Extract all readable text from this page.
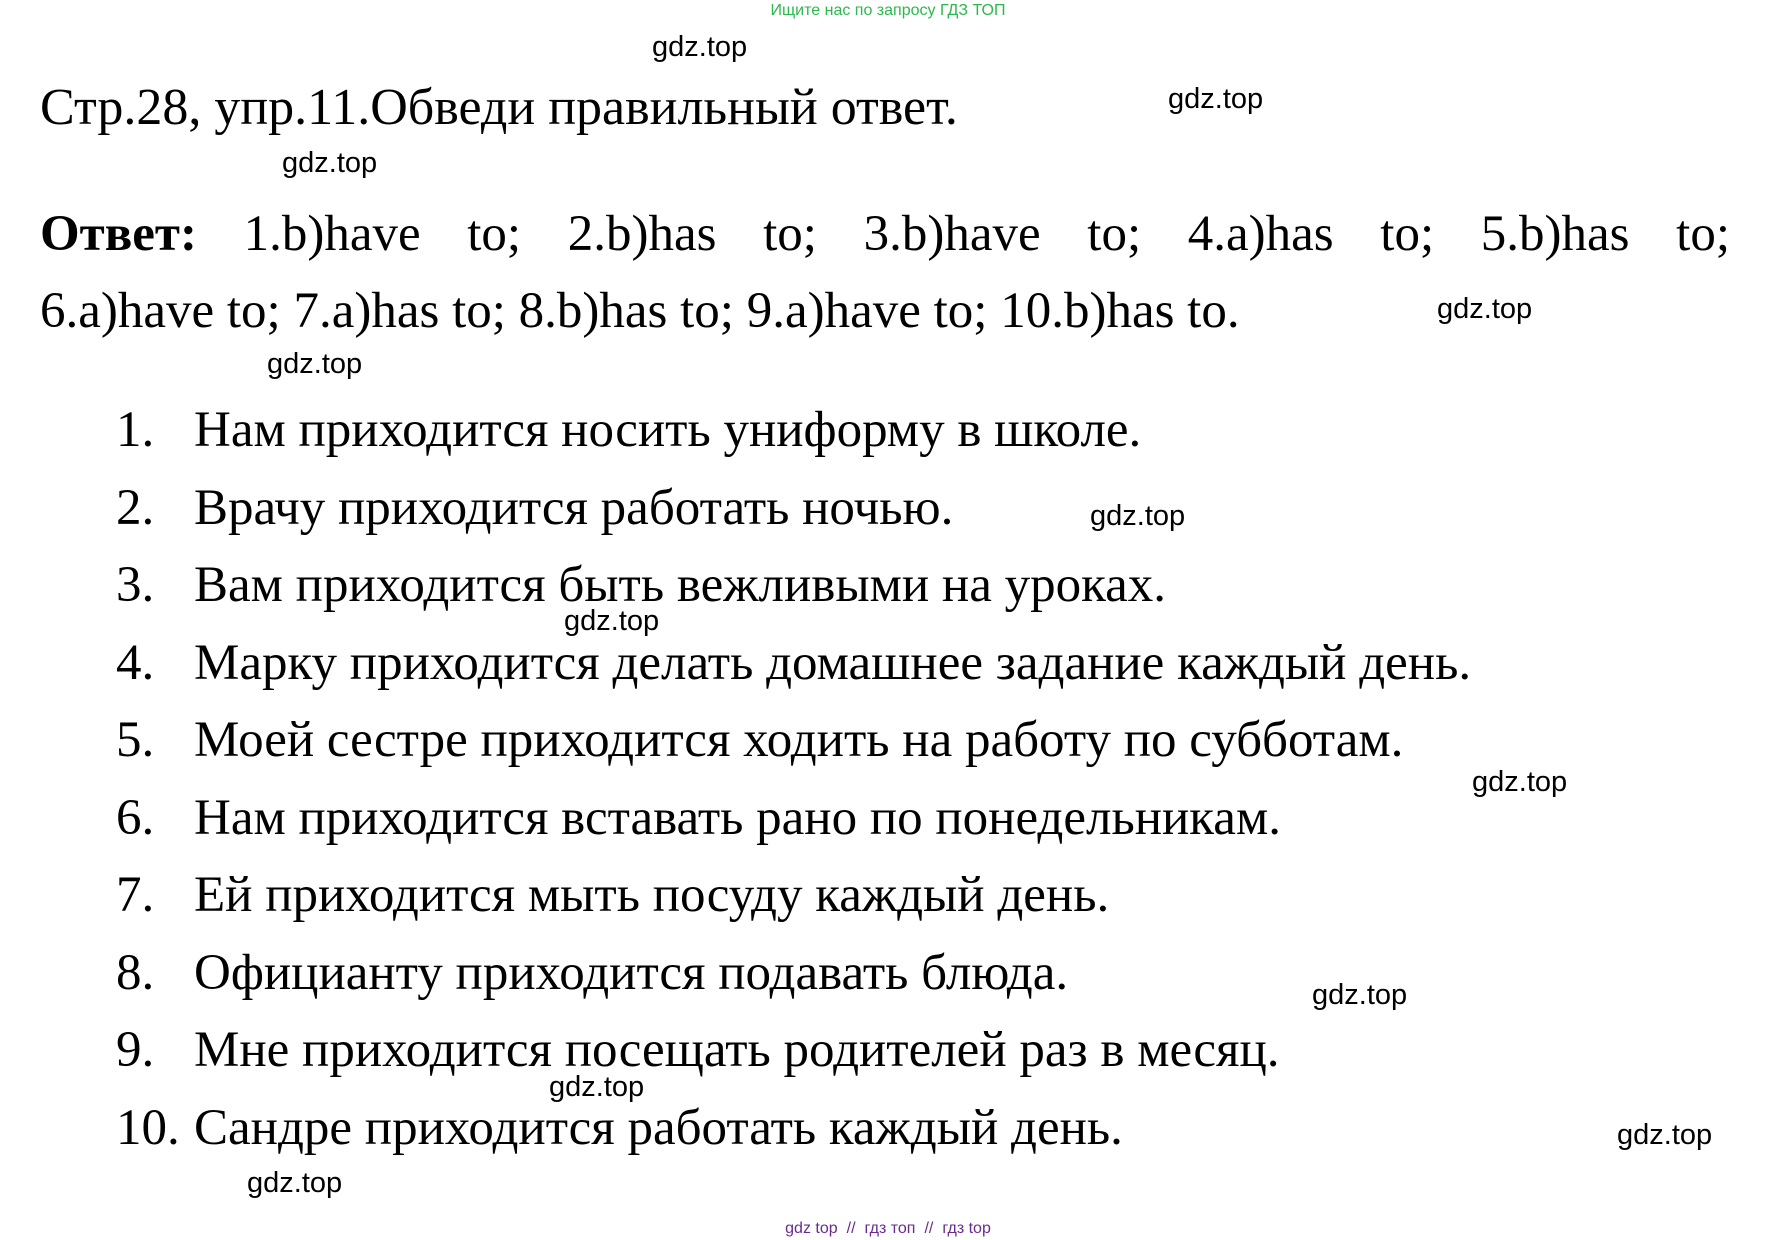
Ищите нас по запросу ГДЗ ТОП
Стр.28, упр.11.Обведи правильный ответ.
Ответ: 1.b)have to; 2.b)has to; 3.b)have to; 4.a)has to; 5.b)has to;
6.a)have to; 7.a)has to; 8.b)has to; 9.a)have to; 10.b)has to.
1. Нам приходится носить униформу в школе.
2. Врачу приходится работать ночью.
3. Вам приходится быть вежливыми на уроках.
4. Марку приходится делать домашнее задание каждый день.
5. Моей сестре приходится ходить на работу по субботам.
6. Нам приходится вставать рано по понедельникам.
7. Ей приходится мыть посуду каждый день.
8. Официанту приходится подавать блюда.
9. Мне приходится посещать родителей раз в месяц.
10. Сандре приходится работать каждый день.
gdz.top
gdz.top
gdz.top
gdz.top
gdz.top
gdz.top
gdz.top
gdz.top
gdz.top
gdz.top
gdz.top
gdz.top
gdz top // гдз топ // гдз top
